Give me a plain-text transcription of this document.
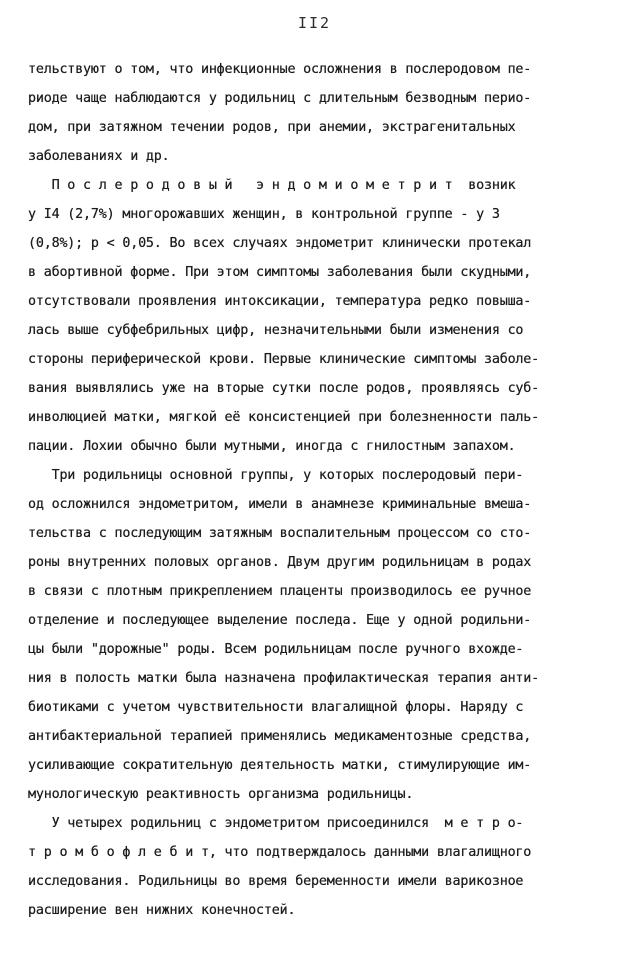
II2
тельствуют о том, что инфекционные осложнения в послеродовом пе-
риоде чаще наблюдаются у родильниц с длительным безводным перио-
дом, при затяжном течении родов, при анемии, экстрагенитальных
заболеваниях и др.
П о с л е р о д о в ы й   э н д о м и о м е т р и т  возник
у I4 (2,7%) многорожавших женщин, в контрольной группе - у 3
(0,8%); p < 0,05. Во всех случаях эндометрит клинически протекал
в абортивной форме. При этом симптомы заболевания были скудными,
отсутствовали проявления интоксикации, температура редко повыша-
лась выше субфебрильных цифр, незначительными были изменения со
стороны периферической крови. Первые клинические симптомы заболе-
вания выявлялись уже на вторые сутки после родов, проявляясь суб-
инволюцией матки, мягкой её консистенцией при болезненности паль-
пации. Лохии обычно были мутными, иногда с гнилостным запахом.
Три родильницы основной группы, у которых послеродовый пери-
од осложнился эндометритом, имели в анамнезе криминальные вмеша-
тельства с последующим затяжным воспалительным процессом со сто-
роны внутренних половых органов. Двум другим родильницам в родах
в связи с плотным прикреплением плаценты производилось ее ручное
отделение и последующее выделение последа. Еще у одной родильни-
цы были "дорожные" роды. Всем родильницам после ручного вхожде-
ния в полость матки была назначена профилактическая терапия анти-
биотиками с учетом чувствительности влагалищной флоры. Наряду с
антибактериальной терапией применялись медикаментозные средства,
усиливающие сократительную деятельность матки, стимулирующие им-
мунологическую реактивность организма родильницы.
У четырех родильниц с эндометритом присоединился  м е т р о-
т р о м б о ф л е б и т, что подтверждалось данными влагалищного
исследования. Родильницы во время беременности имели варикозное
расширение вен нижних конечностей.
